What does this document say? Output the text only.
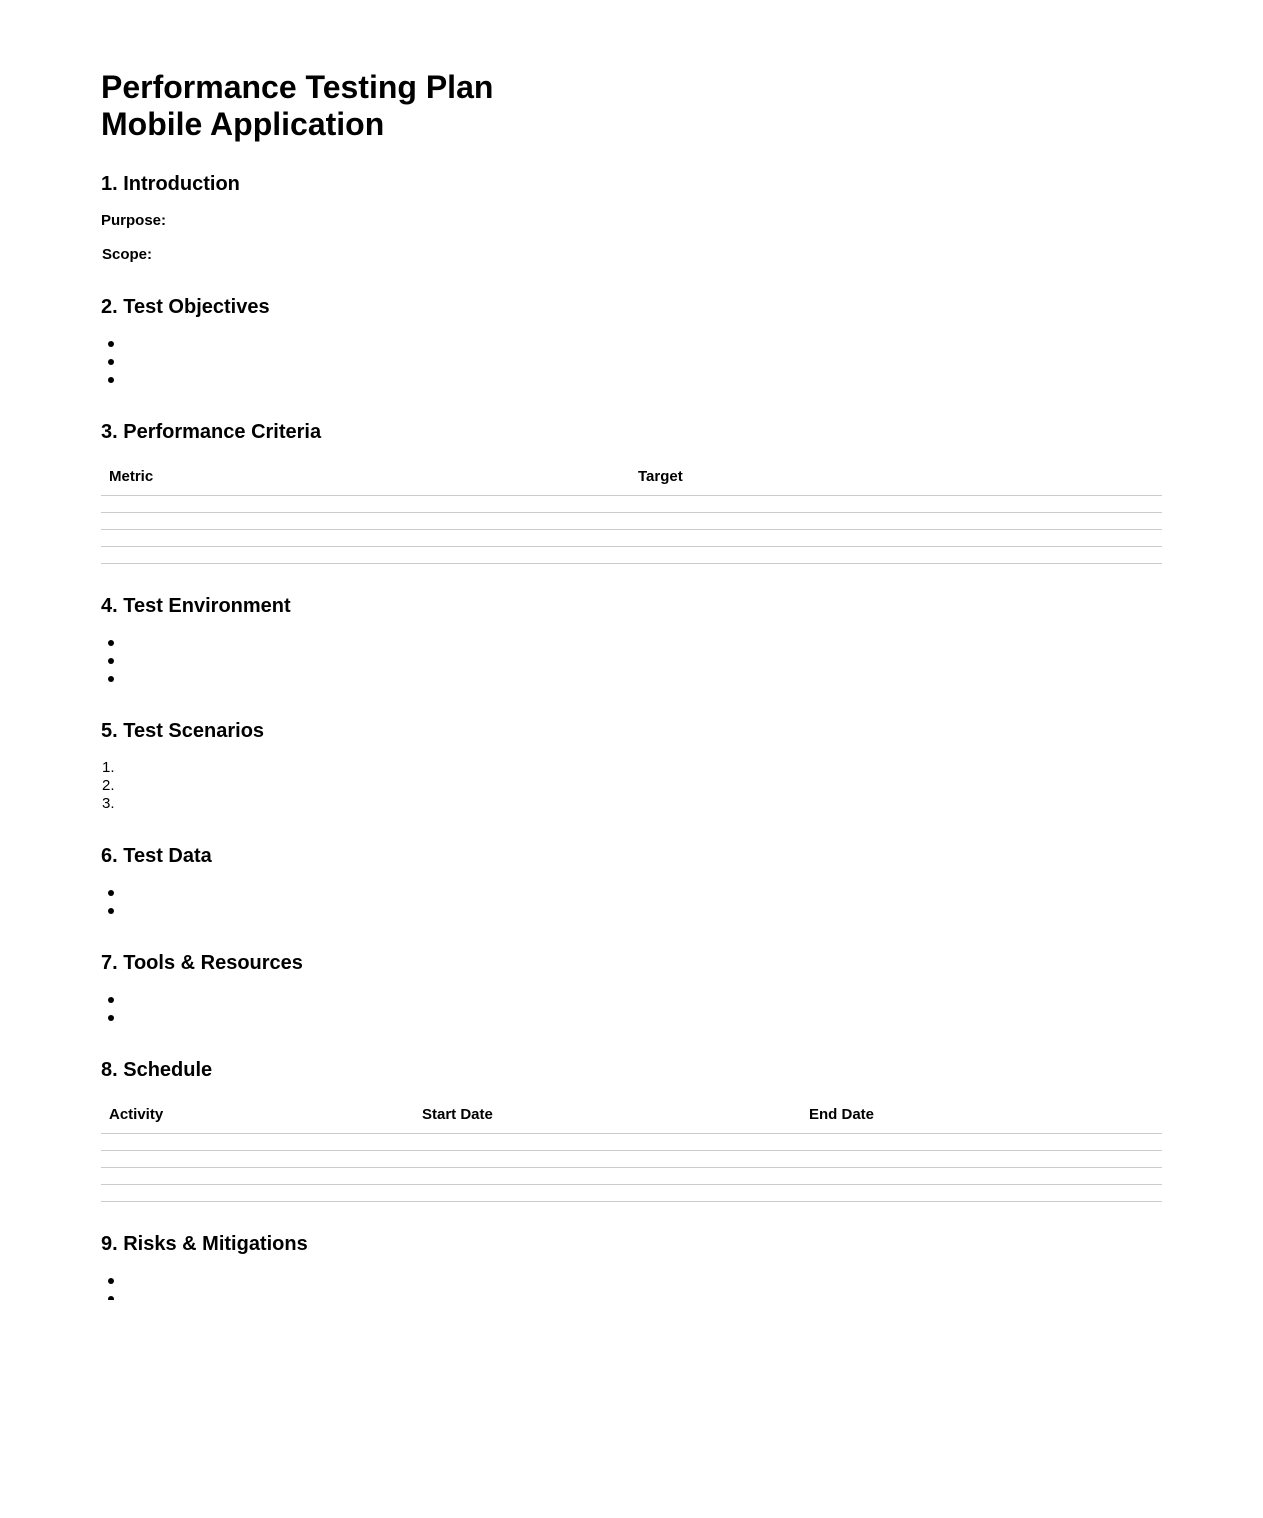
Performance Testing Plan
Mobile Application
1. Introduction
Purpose:
Scope:
2. Test Objectives
3. Performance Criteria
Metric	Target
4. Test Environment
5. Test Scenarios
1.
2.
3.
6. Test Data
7. Tools & Resources
8. Schedule
Activity	Start Date	End Date
9. Risks & Mitigations
